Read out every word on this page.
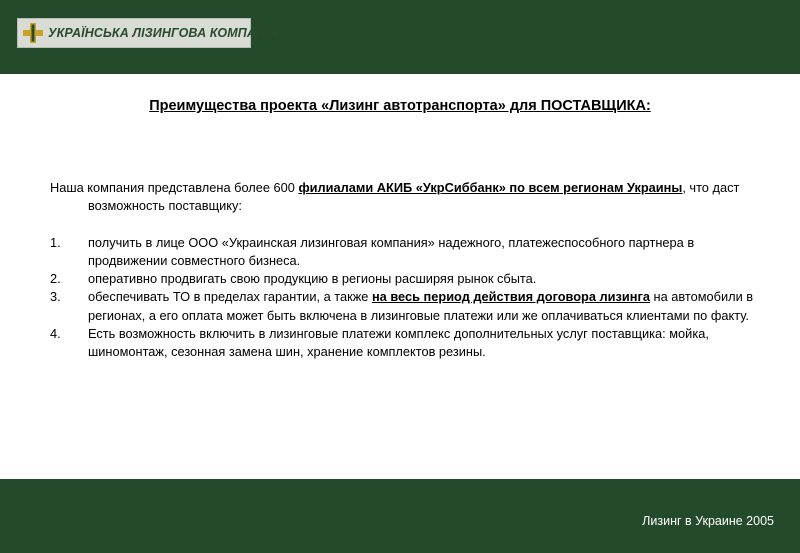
УКРАЇНСЬКА ЛІЗИНГОВА КОМПАНІЯ
Преимущества проекта «Лизинг автотранспорта» для ПОСТАВЩИКА:

Наша компания представлена более 600 филиалами АКИБ «УкрСиббанк» по всем регионам Украины, что даст возможность поставщику:

1. получить в лице ООО «Украинская лизинговая компания» надежного, платежеспособного партнера в продвижении совместного бизнеса.
2. оперативно продвигать свою продукцию в регионы расширяя рынок сбыта.
3. обеспечивать ТО в пределах гарантии, а также на весь период действия договора лизинга на автомобили в регионах, а его оплата может быть включена в лизинговые платежи или же оплачиваться клиентами по факту.
4. Есть возможность включить в лизинговые платежи комплекс дополнительных услуг поставщика: мойка, шиномонтаж, сезонная замена шин, хранение комплектов резины.
Лизинг в Украине 2005
